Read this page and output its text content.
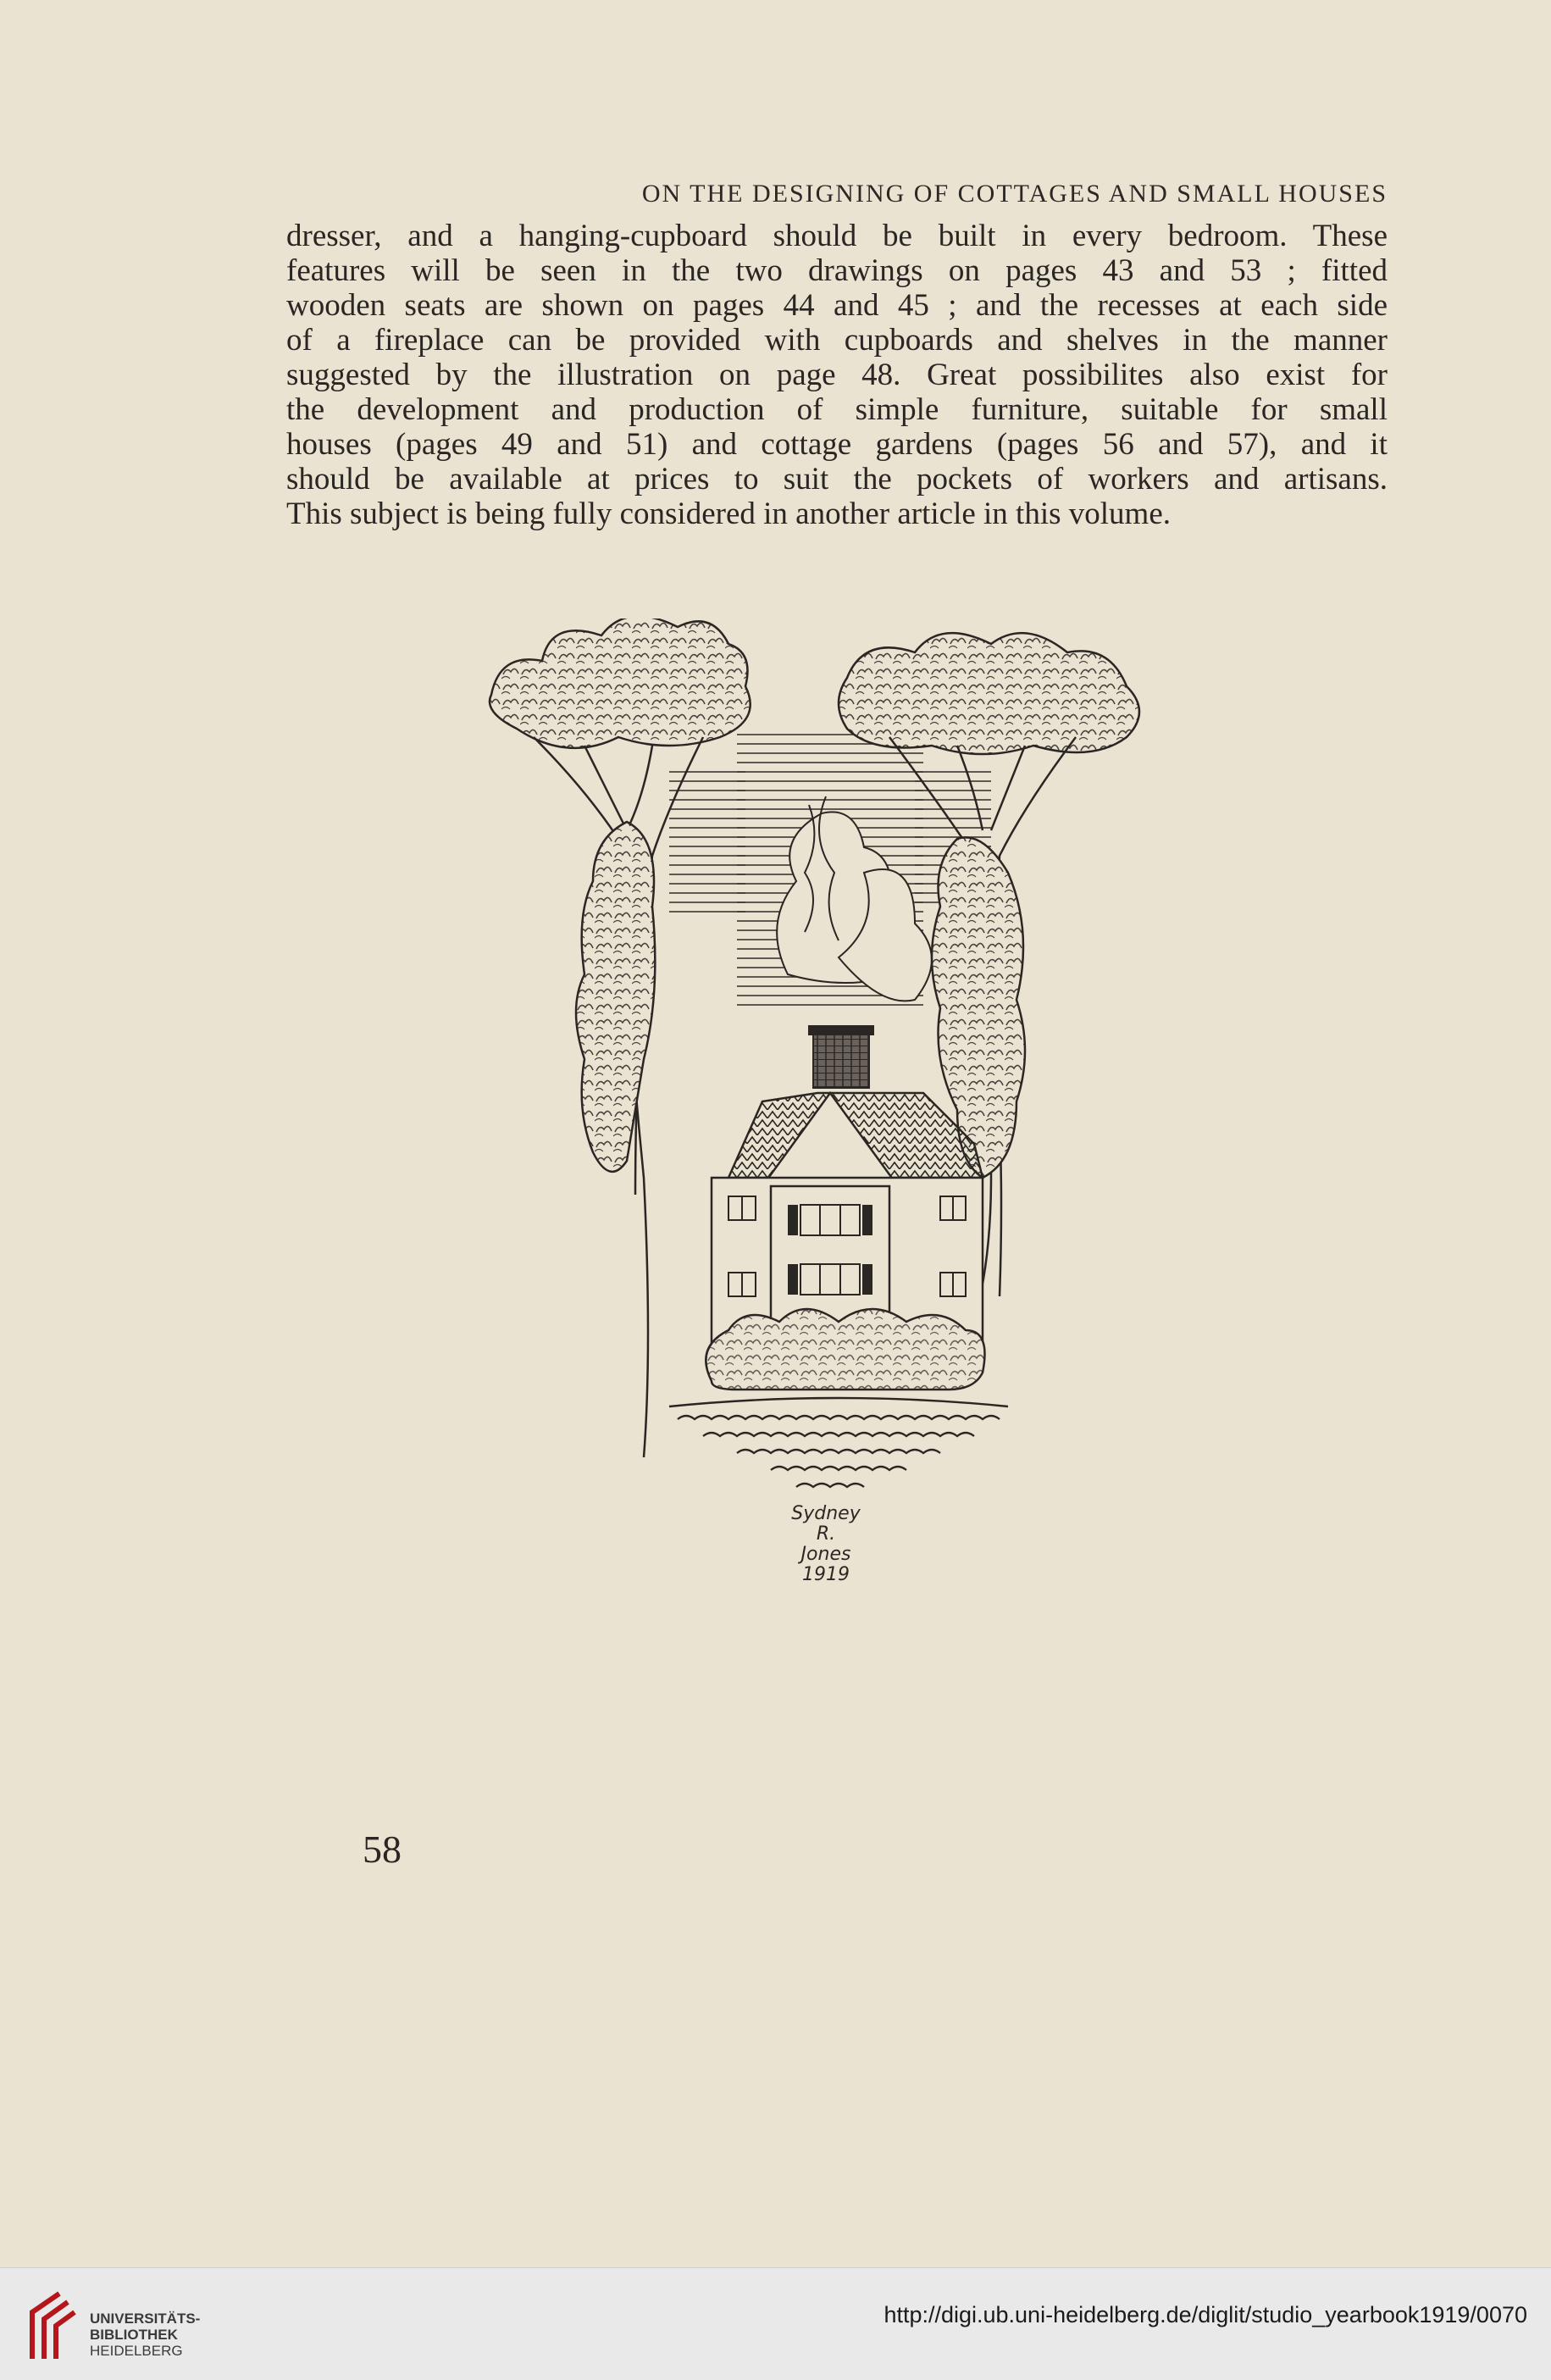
ON THE DESIGNING OF COTTAGES AND SMALL HOUSES

dresser, and a hanging-cupboard should be built in every bedroom. These

features will be seen in the two drawings on pages 43 and 53 ; fitted

wooden seats are shown on pages 44 and 45 ; and the recesses at each side

of a fireplace can be provided with cupboards and shelves in the manner

suggested by the illustration on page 48. Great possibilites also exist for

the development and production of simple furniture, suitable for small

houses (pages 49 and 51) and cottage gardens (pages 56 and 57), and it

should be available at prices to suit the pockets of workers and artisans.

This subject is being fully considered in another article in this volume.

Sydney
R.
Jones
1919
58
UNIVERSITÄTS-
BIBLIOTHEK
HEIDELBERG
http://digi.ub.uni-heidelberg.de/diglit/studio_yearbook1919/0070
